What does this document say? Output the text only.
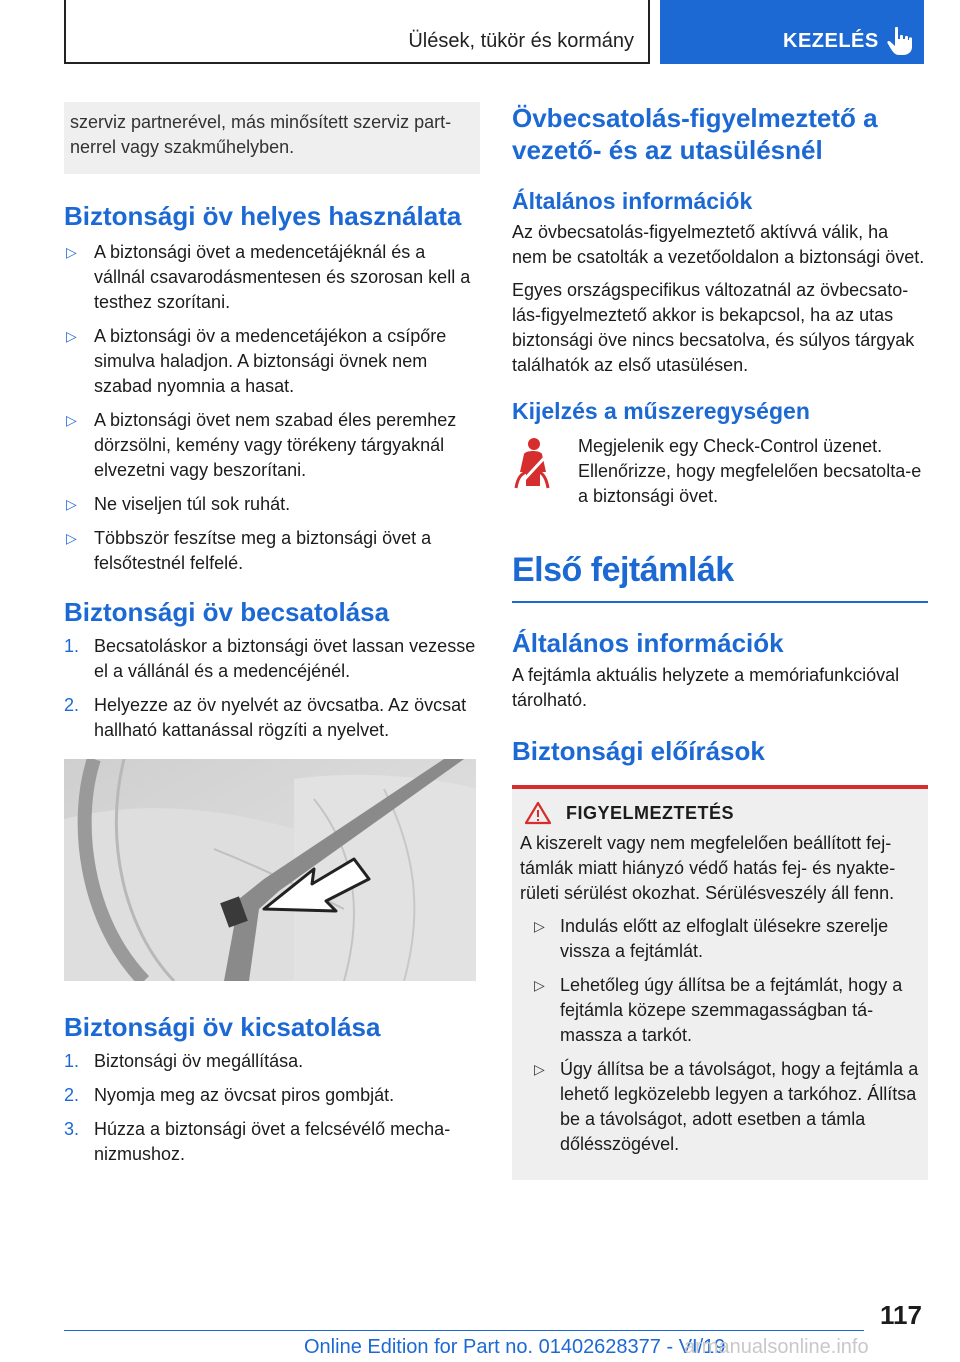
Ülések, tükör és kormány	KEZELÉS
szerviz partnerével, más minősített szerviz partnerrel vagy szakműhelyben.
Biztonsági öv helyes használata
▷ A biztonsági övet a medencetájéknál és a vállnál csavarodásmentesen és szorosan kell a testhez szorítani.
▷ A biztonsági öv a medencetájékon a csípőre simulva haladjon. A biztonsági övnek nem szabad nyomnia a hasat.
▷ A biztonsági övet nem szabad éles peremhez dörzsölni, kemény vagy törékeny tárgyaknál elvezetni vagy beszorítani.
▷ Ne viseljen túl sok ruhát.
▷ Többször feszítse meg a biztonsági övet a felsőtestnél felfelé.
Biztonsági öv becsatolása
1. Becsatoláskor a biztonsági övet lassan vezesse el a vállánál és a medencéjénél.
2. Helyezze az öv nyelvét az övcsatba. Az övcsat hallható kattanással rögzíti a nyelvet.
Biztonsági öv kicsatolása
1. Biztonsági öv megállítása.
2. Nyomja meg az övcsat piros gombját.
3. Húzza a biztonsági övet a felcsévélő mechanizmushoz.
Övbecsatolás-figyelmeztető a vezető- és az utasülésnél
Általános információk
Az övbecsatolás-figyelmeztető aktívvá válik, ha nem be csatolták a vezetőoldalon a biztonsági övet.
Egyes országspecifikus változatnál az övbecsatolás-figyelmeztető akkor is bekapcsol, ha az utas biztonsági öve nincs becsatolva, és súlyos tárgyak találhatók az első utasülésen.
Kijelzés a műszeregységen
Megjelenik egy Check-Control üzenet. Ellenőrizze, hogy megfelelően becsatolta-e a biztonsági övet.
Első fejtámlák
Általános információk
A fejtámla aktuális helyzete a memóriafunkcióval tárolható.
Biztonsági előírások
FIGYELMEZTETÉS
A kiszerelt vagy nem megfelelően beállított fejtámlák miatt hiányzó védő hatás fej- és nyakterületi sérülést okozhat. Sérülésveszély áll fenn.
▷ Indulás előtt az elfoglalt ülésekre szerelje vissza a fejtámlát.
▷ Lehetőleg úgy állítsa be a fejtámlát, hogy a fejtámla közepe szemmagasságban támassza a tarkót.
▷ Úgy állítsa be a távolságot, hogy a fejtámla a lehető legközelebb legyen a tarkóhoz. Állítsa be a távolságot, adott esetben a támla dőlésszögével.
117
Online Edition for Part no. 01402628377 - VI/19
armanualsonline.info
